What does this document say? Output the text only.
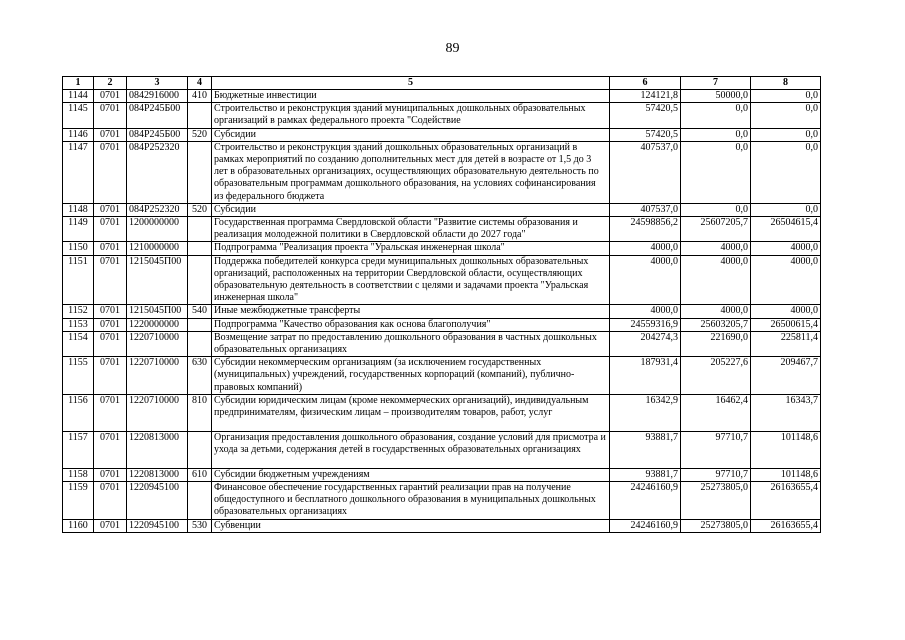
89
1	2	3	4	5	6	7	8
1144	0701	0842916000	410	Бюджетные инвестиции	124121,8	50000,0	0,0
1145	0701	084P245Б00		Строительство и реконструкция зданий муниципальных дошкольных образовательных организаций в рамках федерального проекта "Содействие	57420,5	0,0	0,0
1146	0701	084P245Б00	520	Субсидии	57420,5	0,0	0,0
1147	0701	084P252320		Строительство и реконструкция зданий дошкольных образовательных организаций в рамках мероприятий по созданию дополнительных мест для детей в возрасте от 1,5 до 3 лет в образовательных организациях, осуществляющих образовательную деятельность по образовательным программам дошкольного образования, на условиях софинансирования из федерального бюджета	407537,0	0,0	0,0
1148	0701	084P252320	520	Субсидии	407537,0	0,0	0,0
1149	0701	1200000000		Государственная программа Свердловской области "Развитие системы образования и реализация молодежной политики в Свердловской области до 2027 года"	24598856,2	25607205,7	26504615,4
1150	0701	1210000000		Подпрограмма "Реализация проекта "Уральская инженерная школа"	4000,0	4000,0	4000,0
1151	0701	1215045П00		Поддержка победителей конкурса среди муниципальных дошкольных образовательных организаций, расположенных на территории Свердловской области, осуществляющих образовательную деятельность в соответствии с целями и задачами проекта "Уральская инженерная школа"	4000,0	4000,0	4000,0
1152	0701	1215045П00	540	Иные межбюджетные трансферты	4000,0	4000,0	4000,0
1153	0701	1220000000		Подпрограмма "Качество образования как основа благополучия"	24559316,9	25603205,7	26500615,4
1154	0701	1220710000		Возмещение затрат по предоставлению дошкольного образования в частных дошкольных образовательных организациях	204274,3	221690,0	225811,4
1155	0701	1220710000	630	Субсидии некоммерческим организациям (за исключением государственных (муниципальных) учреждений, государственных корпораций (компаний), публично-правовых компаний)	187931,4	205227,6	209467,7
1156	0701	1220710000	810	Субсидии юридическим лицам (кроме некоммерческих организаций), индивидуальным предпринимателям, физическим лицам – производителям товаров, работ, услуг	16342,9	16462,4	16343,7
1157	0701	1220813000		Организация предоставления дошкольного образования, создание условий для присмотра и ухода за детьми, содержания детей в государственных образовательных организациях	93881,7	97710,7	101148,6
1158	0701	1220813000	610	Субсидии бюджетным учреждениям	93881,7	97710,7	101148,6
1159	0701	1220945100		Финансовое обеспечение государственных гарантий реализации прав на получение общедоступного и бесплатного дошкольного образования в муниципальных дошкольных образовательных организациях	24246160,9	25273805,0	26163655,4
1160	0701	1220945100	530	Субвенции	24246160,9	25273805,0	26163655,4
